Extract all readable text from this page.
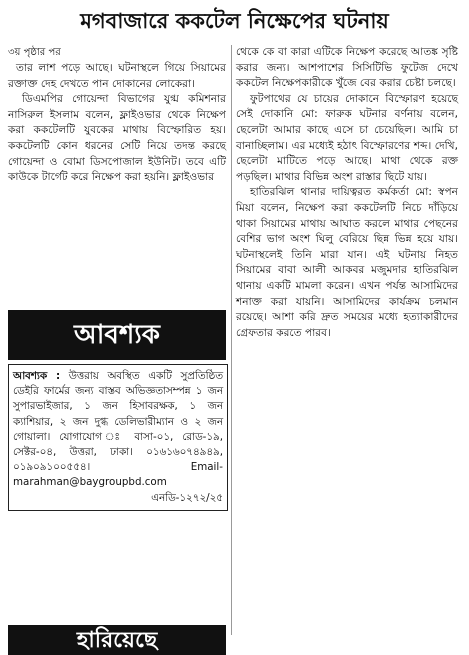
মগবাজারে ককটেল নিক্ষেপের ঘটনায়

৩য় পৃষ্ঠার পর

তার লাশ পড়ে আছে। ঘটনাস্থলে গিয়ে সিয়ামের রক্তাক্ত দেহ দেখতে পান দোকানের লোকেরা।

ডিএমপির গোয়েন্দা বিভাগের যুগ্ম কমিশনার নাসিরুল ইসলাম বলেন, ফ্লাইওভার থেকে নিক্ষেপ করা ককটেলটি যুবকের মাথায় বিস্ফোরিত হয়। ককটেলটি কোন ধরনের সেটি নিয়ে তদন্ত করছে গোয়েন্দা ও বোমা ডিসপোজাল ইউনিট। তবে এটি কাউকে টার্গেট করে নিক্ষেপ করা হয়নি। ফ্লাইওভার

আবশ্যক
আবশ্যক : উত্তরায় অবস্থিত একটি সুপ্রতিষ্ঠিত ডেইরি ফার্মের জন্য বাস্তব অভিজ্ঞতাসম্পন্ন ১ জন সুপারভাইজার, ১ জন হিসাবরক্ষক, ১ জন ক্যাশিয়ার, ২ জন দুগ্ধ ডেলিভারীম্যান ও ২ জন গোয়ালা। যোগাযোগ ঃ বাসা-০১, রোড-১৯, সেক্টর-০৪, উত্তরা, ঢাকা। ০১৬১৬০৭৪৯৪৯, ০১৯০৯১০০৫৫৪। Email-marahman@baygroupbd.com
এনডি-১২৭২/২৫
হারিয়েছে

থেকে কে বা কারা এটিকে নিক্ষেপ করেছে আতঙ্ক সৃষ্টি করার জন্য। আশপাশের সিসিটিভি ফুটেজ দেখে ককটেল নিক্ষেপকারীকে খুঁজে বের করার চেষ্টা চলছে।

ফুটপাথের যে চায়ের দোকানে বিস্ফোরণ হয়েছে সেই দোকানি মো: ফারুক ঘটনার বর্ণনায় বলেন, ছেলেটা আমার কাছে এসে চা চেয়েছিল। আমি চা বানাচ্ছিলাম। এর মধ্যেই হঠাৎ বিস্ফোরণের শব্দ। দেখি, ছেলেটা মাটিতে পড়ে আছে। মাথা থেকে রক্ত পড়ছিল। মাথার বিভিন্ন অংশ রাস্তার ছিটে যায়।

হাতিরঝিল থানার দায়িত্বরত কর্মকর্তা মো: স্বপন মিয়া বলেন, নিক্ষেপ করা ককটেলটি নিচে দাঁড়িয়ে থাকা সিয়ামের মাথায় আঘাত করলে মাথার পেছনের বেশির ভাগ অংশ ঘিলু বেরিয়ে ছিন্ন ভিন্ন হয়ে যায়। ঘটনাস্থলেই তিনি মারা যান। এই ঘটনায় নিহত সিয়ামের বাবা আলী আকবর মজুমদার হাতিরঝিল থানায় একটি মামলা করেন। এখন পর্যন্ত আসামিদের শনাক্ত করা যায়নি। আসামিদের কার্যক্রম চলমান রয়েছে। আশা করি দ্রুত সময়ের মধ্যে হত্যাকারীদের গ্রেফতার করতে পারব।
